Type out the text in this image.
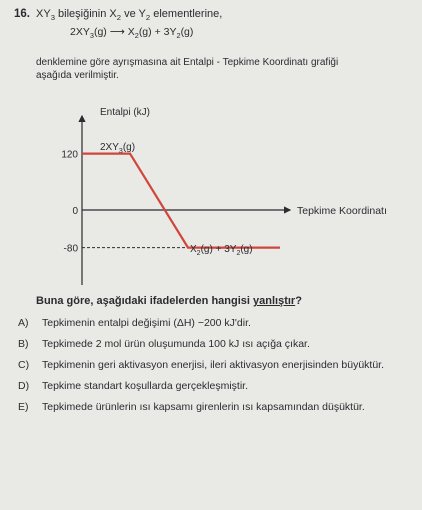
16. $XY_3$ bileşiğinin $X_2$ ve $Y_2$ elementlerine,
$2XY_3(g)$ ⟶ $X_2(g) + 3Y_2(g)$
denklemine göre ayrışmasına ait Entalpi - Tepkime Koordinatı grafiği aşağıda verilmiştir.
Entalpi (kJ)
Tepkime Koordinatı
120
0
-80
$2XY_3(g)$
$X_2(g) + 3Y_2(g)$
Buna göre, aşağıdaki ifadelerden hangisi yanlıştır?
A)	Tepkimenin entalpi değişimi (ΔH) −200 kJ'dir.
B)	Tepkimede 2 mol ürün oluşumunda 100 kJ ısı açığa çıkar.
C)	Tepkimenin geri aktivasyon enerjisi, ileri aktivasyon enerjisinden büyüktür.
D)	Tepkime standart koşullarda gerçekleşmiştir.
E)	Tepkimede ürünlerin ısı kapsamı girenlerin ısı kapsamından düşüktür.
